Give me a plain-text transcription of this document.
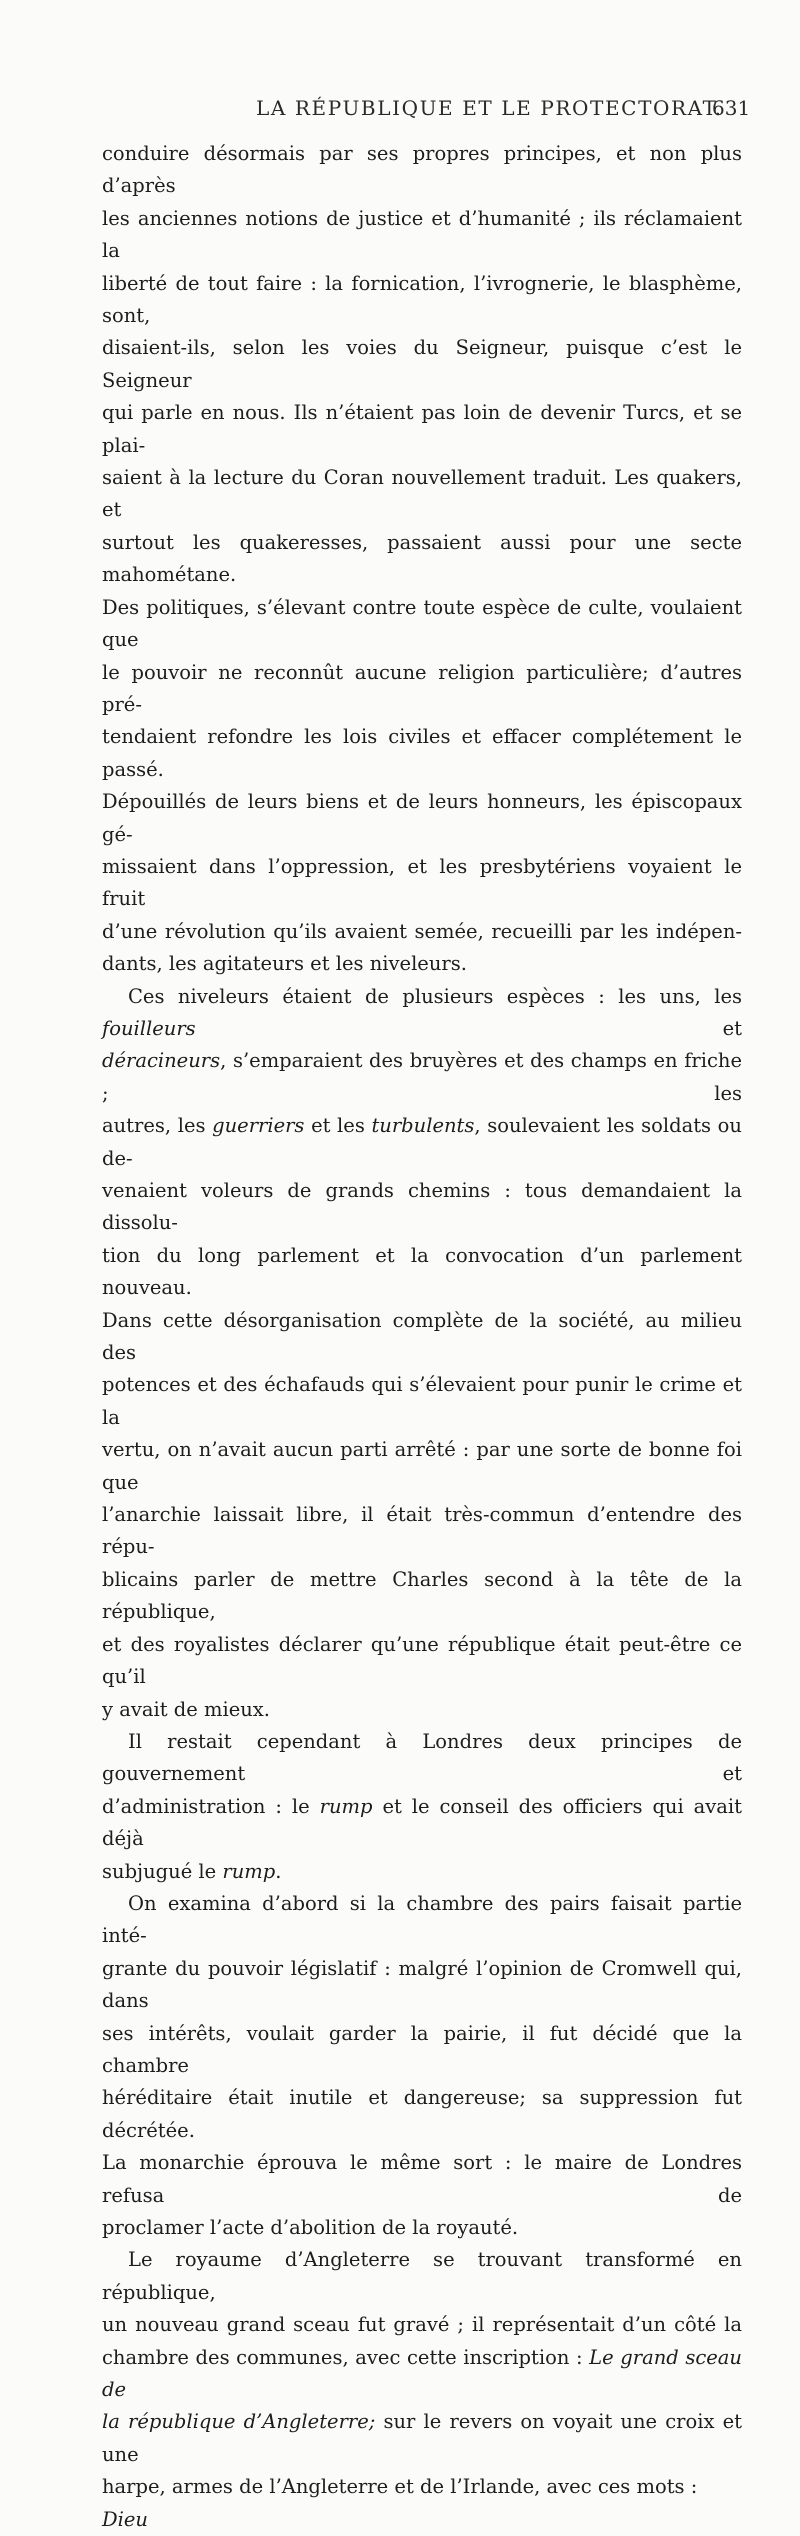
LA RÉPUBLIQUE ET LE PROTECTORAT.
631
conduire désormais par ses propres principes, et non plus d’après
les anciennes notions de justice et d’humanité ; ils réclamaient la
liberté de tout faire : la fornication, l’ivrognerie, le blasphème, sont,
disaient-ils, selon les voies du Seigneur, puisque c’est le Seigneur
qui parle en nous. Ils n’étaient pas loin de devenir Turcs, et se plai-
saient à la lecture du Coran nouvellement traduit. Les quakers, et
surtout les quakeresses, passaient aussi pour une secte mahométane.
Des politiques, s’élevant contre toute espèce de culte, voulaient que
le pouvoir ne reconnût aucune religion particulière; d’autres pré-
tendaient refondre les lois civiles et effacer complétement le passé.
Dépouillés de leurs biens et de leurs honneurs, les épiscopaux gé-
missaient dans l’oppression, et les presbytériens voyaient le fruit
d’une révolution qu’ils avaient semée, recueilli par les indépen-
dants, les agitateurs et les niveleurs.
Ces niveleurs étaient de plusieurs espèces : les uns, les fouilleurs et
déracineurs, s’emparaient des bruyères et des champs en friche ; les
autres, les guerriers et les turbulents, soulevaient les soldats ou de-
venaient voleurs de grands chemins : tous demandaient la dissolu-
tion du long parlement et la convocation d’un parlement nouveau.
Dans cette désorganisation complète de la société, au milieu des
potences et des échafauds qui s’élevaient pour punir le crime et la
vertu, on n’avait aucun parti arrêté : par une sorte de bonne foi que
l’anarchie laissait libre, il était très-commun d’entendre des répu-
blicains parler de mettre Charles second à la tête de la république,
et des royalistes déclarer qu’une république était peut-être ce qu’il
y avait de mieux.
Il restait cependant à Londres deux principes de gouvernement et
d’administration : le rump et le conseil des officiers qui avait déjà
subjugué le rump.
On examina d’abord si la chambre des pairs faisait partie inté-
grante du pouvoir législatif : malgré l’opinion de Cromwell qui, dans
ses intérêts, voulait garder la pairie, il fut décidé que la chambre
héréditaire était inutile et dangereuse; sa suppression fut décrétée.
La monarchie éprouva le même sort : le maire de Londres refusa de
proclamer l’acte d’abolition de la royauté.
Le royaume d’Angleterre se trouvant transformé en république,
un nouveau grand sceau fut gravé ; il représentait d’un côté la
chambre des communes, avec cette inscription : Le grand sceau de
la république d’Angleterre; sur le revers on voyait une croix et une
harpe, armes de l’Angleterre et de l’Irlande, avec ces mots : Dieu
